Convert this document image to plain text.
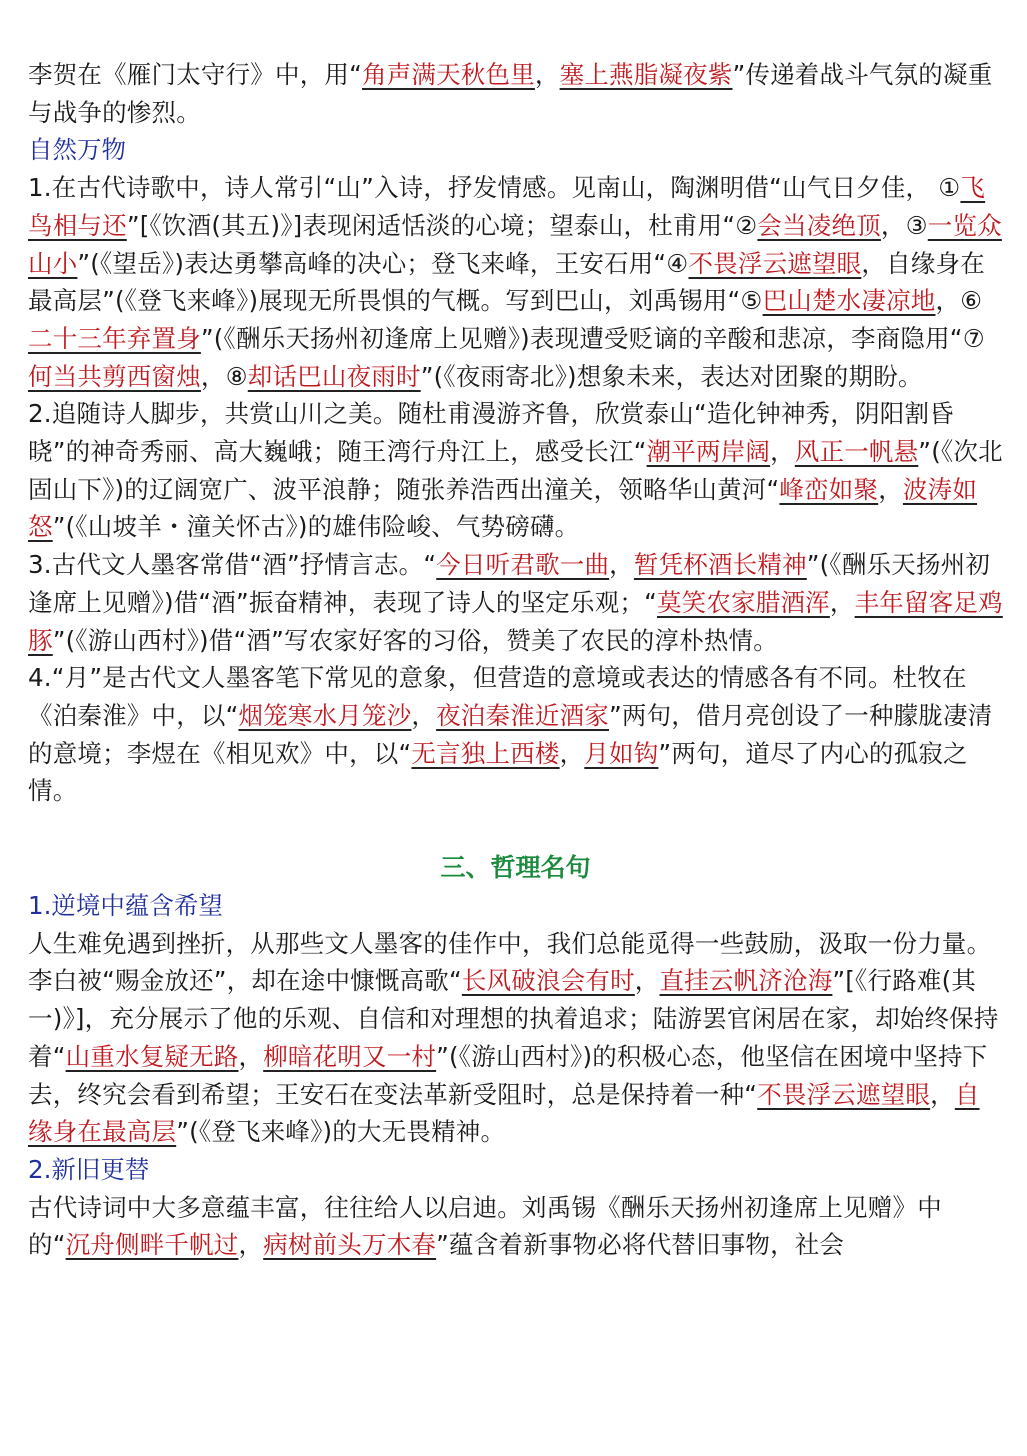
李贺在《雁门太守行》中，用“角声满天秋色里，塞上燕脂凝夜紫”传递着战斗气氛的凝重与战争的惨烈。

自然万物

1.在古代诗歌中，诗人常引“山”入诗，抒发情感。见南山，陶渊明借“山气日夕佳， ①飞鸟相与还”[《饮酒(其五)》]表现闲适恬淡的心境；望泰山，杜甫用“②会当凌绝顶，③一览众山小”(《望岳》)表达勇攀高峰的决心；登飞来峰，王安石用“④不畏浮云遮望眼，自缘身在最高层”(《登飞来峰》)展现无所畏惧的气概。写到巴山，刘禹锡用“⑤巴山楚水凄凉地，⑥二十三年弃置身”(《酬乐天扬州初逢席上见赠》)表现遭受贬谪的辛酸和悲凉，李商隐用“⑦何当共剪西窗烛，⑧却话巴山夜雨时”(《夜雨寄北》)想象未来，表达对团聚的期盼。

2.追随诗人脚步，共赏山川之美。随杜甫漫游齐鲁，欣赏泰山“造化钟神秀，阴阳割昏晓”的神奇秀丽、高大巍峨；随王湾行舟江上，感受长江“潮平两岸阔，风正一帆悬”(《次北固山下》)的辽阔宽广、波平浪静；随张养浩西出潼关，领略华山黄河“峰峦如聚，波涛如怒”(《山坡羊・潼关怀古》)的雄伟险峻、气势磅礴。

3.古代文人墨客常借“酒”抒情言志。“今日听君歌一曲，暂凭杯酒长精神”(《酬乐天扬州初逢席上见赠》)借“酒”振奋精神，表现了诗人的坚定乐观；“莫笑农家腊酒浑，丰年留客足鸡豚”(《游山西村》)借“酒”写农家好客的习俗，赞美了农民的淳朴热情。

4.“月”是古代文人墨客笔下常见的意象，但营造的意境或表达的情感各有不同。杜牧在《泊秦淮》中，以“烟笼寒水月笼沙，夜泊秦淮近酒家”两句，借月亮创设了一种朦胧凄清的意境；李煜在《相见欢》中，以“无言独上西楼，月如钩”两句，道尽了内心的孤寂之情。

三、哲理名句

1.逆境中蕴含希望

人生难免遇到挫折，从那些文人墨客的佳作中，我们总能觅得一些鼓励，汲取一份力量。李白被“赐金放还”，却在途中慷慨高歌“长风破浪会有时，直挂云帆济沧海”[《行路难(其一)》]，充分展示了他的乐观、自信和对理想的执着追求；陆游罢官闲居在家，却始终保持着“山重水复疑无路，柳暗花明又一村”(《游山西村》)的积极心态，他坚信在困境中坚持下去，终究会看到希望；王安石在变法革新受阻时，总是保持着一种“不畏浮云遮望眼，自缘身在最高层”(《登飞来峰》)的大无畏精神。

2.新旧更替

古代诗词中大多意蕴丰富，往往给人以启迪。刘禹锡《酬乐天扬州初逢席上见赠》中的“沉舟侧畔千帆过，病树前头万木春”蕴含着新事物必将代替旧事物，社会
